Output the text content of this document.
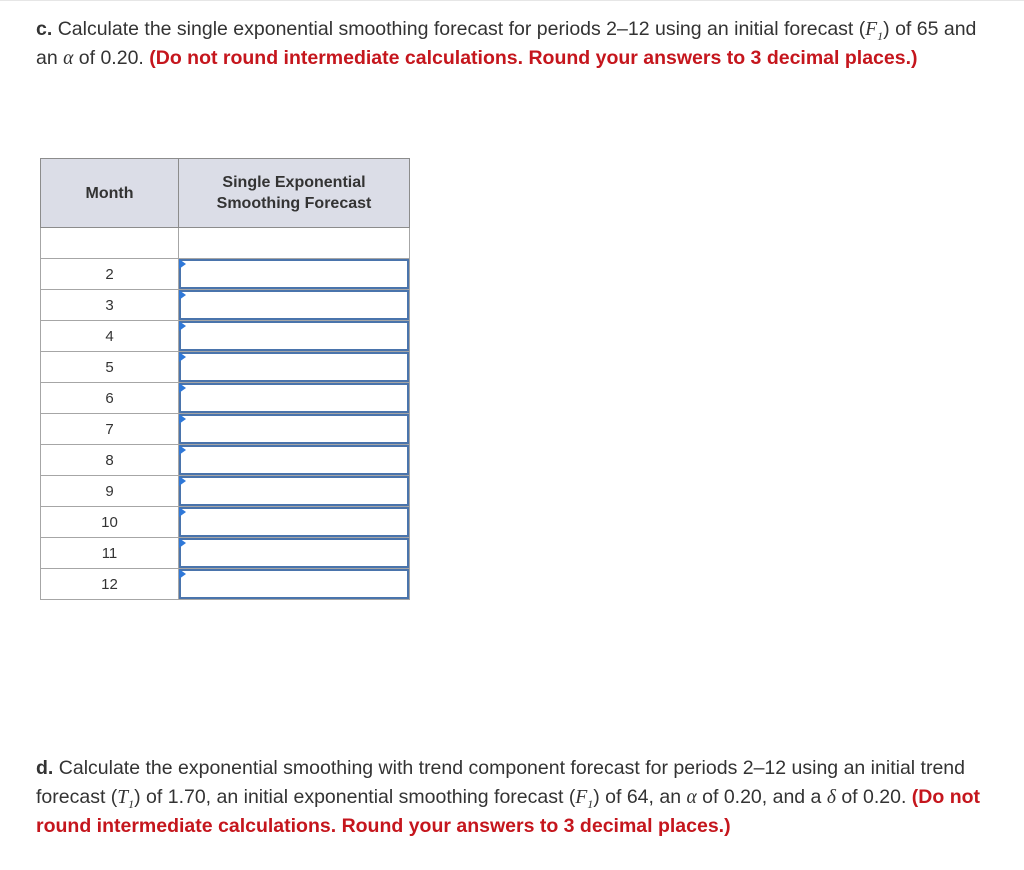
c. Calculate the single exponential smoothing forecast for periods 2–12 using an initial forecast $(F_1)$ of 65 and an α of 0.20. (Do not round intermediate calculations. Round your answers to 3 decimal places.)
Month	Single Exponential Smoothing Forecast

2	

3	

4	

5	

6	

7	

8	

9	

10	

11	

12	
d. Calculate the exponential smoothing with trend component forecast for periods 2–12 using an initial trend forecast $(T_1)$ of 1.70, an initial exponential smoothing forecast $(F_1)$ of 64, an α of 0.20, and a δ of 0.20. (Do not round intermediate calculations. Round your answers to 3 decimal places.)
